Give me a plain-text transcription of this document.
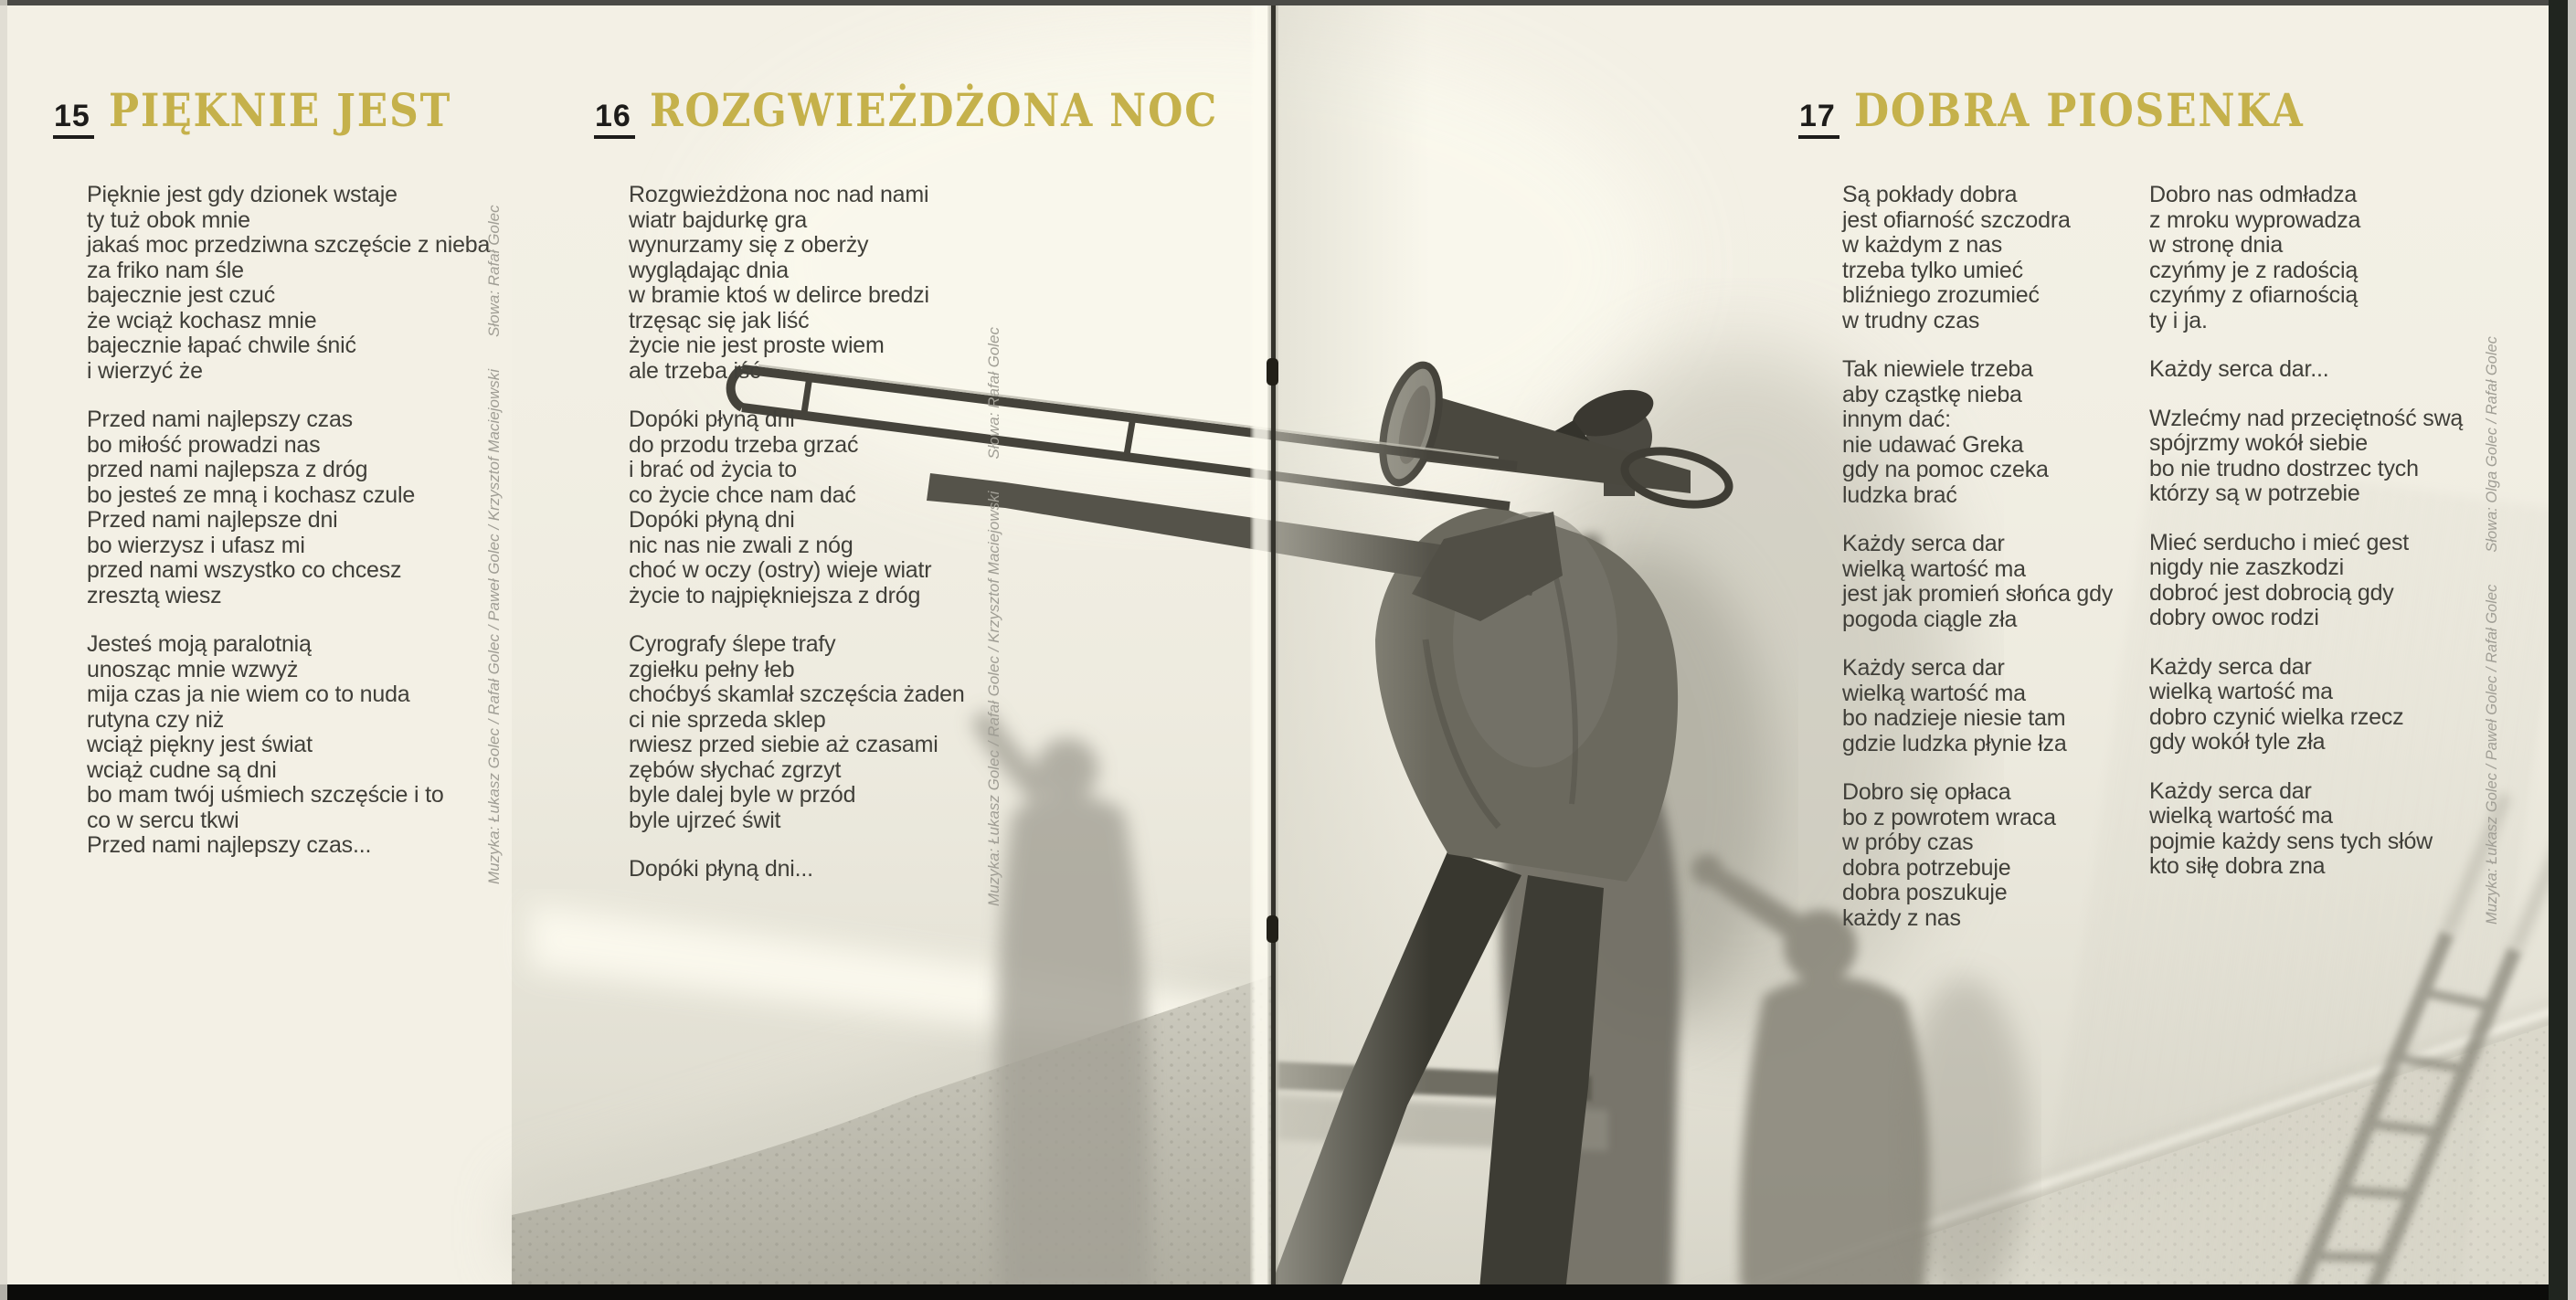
15 PIĘKNIE JEST
Pięknie jest gdy dzionek wstaje
ty tuż obok mnie
jakaś moc przedziwna szczęście z nieba
za friko nam śle
bajecznie jest czuć
że wciąż kochasz mnie
bajecznie łapać chwile śnić
i wierzyć że
Przed nami najlepszy czas
bo miłość prowadzi nas
przed nami najlepsza z dróg
bo jesteś ze mną i kochasz czule
Przed nami najlepsze dni
bo wierzysz i ufasz mi
przed nami wszystko co chcesz
zresztą wiesz
Jesteś moją paralotnią
unosząc mnie wzwyż
mija czas ja nie wiem co to nuda
rutyna czy niż
wciąż piękny jest świat
wciąż cudne są dni
bo mam twój uśmiech szczęście i to
co w sercu tkwi
Przed nami najlepszy czas...	Muzyka: Łukasz Golec / Rafał Golec / Paweł Golec / Krzysztof MaciejowskiSłowa: Rafał Golec
16 ROZGWIEŻDŻONA NOC
Rozgwieżdżona noc nad nami
wiatr bajdurkę gra
wynurzamy się z oberży
wyglądając dnia
w bramie ktoś w delirce bredzi
trzęsąc się jak liść
życie nie jest proste wiem
ale trzeba iść
Dopóki płyną dni
do przodu trzeba grzać
i brać od życia to
co życie chce nam dać
Dopóki płyną dni
nic nas nie zwali z nóg
choć w oczy (ostry) wieje wiatr
życie to najpiękniejsza z dróg
Cyrografy ślepe trafy
zgiełku pełny łeb
choćbyś skamlał szczęścia żaden
ci nie sprzeda sklep
rwiesz przed siebie aż czasami
zębów słychać zgrzyt
byle dalej byle w przód
byle ujrzeć świt
Dopóki płyną dni...	Muzyka: Łukasz Golec / Rafał Golec / Krzysztof MaciejowskiSłowa: Rafał Golec
17 DOBRA PIOSENKA
Są pokłady dobra
jest ofiarność szczodra
w każdym z nas
trzeba tylko umieć
bliźniego zrozumieć
w trudny czas
Tak niewiele trzeba
aby cząstkę nieba
innym dać:
nie udawać Greka
gdy na pomoc czeka
ludzka brać
Każdy serca dar
wielką wartość ma
jest jak promień słońca gdy
pogoda ciągle zła
Każdy serca dar
wielką wartość ma
bo nadzieje niesie tam
gdzie ludzka płynie łza
Dobro się opłaca
bo z powrotem wraca
w próby czas
dobra potrzebuje
dobra poszukuje
każdy z nas
Dobro nas odmładza
z mroku wyprowadza
w stronę dnia
czyńmy je z radością
czyńmy z ofiarnością
ty i ja.
Każdy serca dar...
Wzlećmy nad przeciętność swą
spójrzmy wokół siebie
bo nie trudno dostrzec tych
którzy są w potrzebie
Mieć serducho i mieć gest
nigdy nie zaszkodzi
dobroć jest dobrocią gdy
dobry owoc rodzi
Każdy serca dar
wielką wartość ma
dobro czynić wielka rzecz
gdy wokół tyle zła
Każdy serca dar
wielką wartość ma
pojmie każdy sens tych słów
kto siłę dobra zna	Muzyka: Łukasz Golec / Paweł Golec / Rafał GolecSłowa: Olga Golec / Rafał Golec
